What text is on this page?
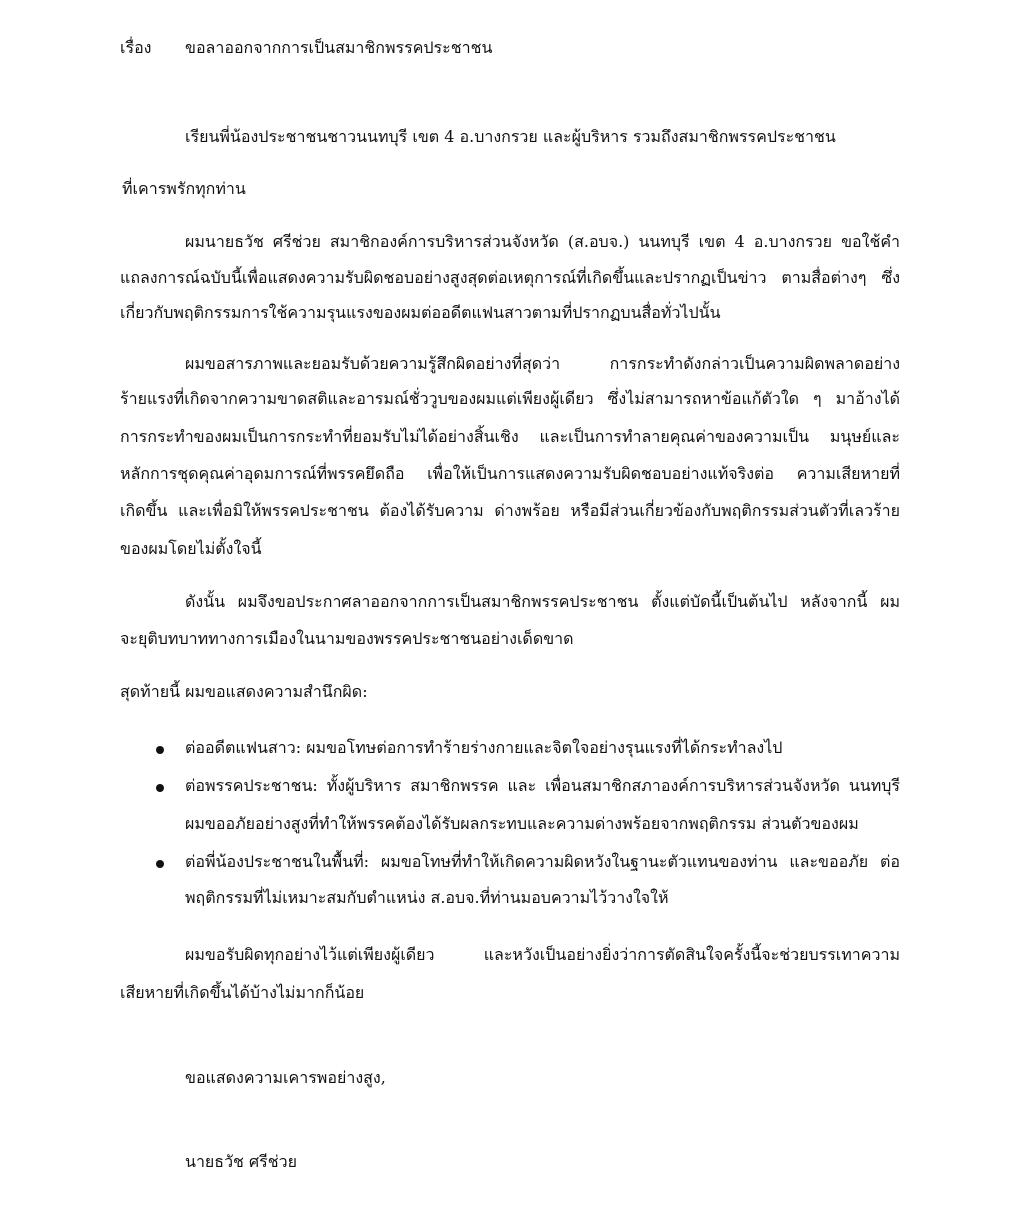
เรื่อง ขอลาออกจากการเป็นสมาชิกพรรคประชาชน
เรียนพี่น้องประชาชนชาวนนทบุรี เขต 4 อ.บางกรวย และผู้บริหาร รวมถึงสมาชิกพรรคประชาชน
ที่เคารพรักทุกท่าน
ผมนายธวัช ศรีช่วย สมาชิกองค์การบริหารส่วนจังหวัด (ส.อบจ.) นนทบุรี เขต 4 อ.บางกรวย ขอใช้คำ
แถลงการณ์ฉบับนี้เพื่อแสดงความรับผิดชอบอย่างสูงสุดต่อเหตุการณ์ที่เกิดขึ้นและปรากฏเป็นข่าว ตามสื่อต่างๆ ซึ่ง
เกี่ยวกับพฤติกรรมการใช้ความรุนแรงของผมต่ออดีตแฟนสาวตามที่ปรากฏบนสื่อทั่วไปนั้น
ผมขอสารภาพและยอมรับด้วยความรู้สึกผิดอย่างที่สุดว่า การกระทำดังกล่าวเป็นความผิดพลาดอย่าง
ร้ายแรงที่เกิดจากความขาดสติและอารมณ์ชั่ววูบของผมแต่เพียงผู้เดียว ซึ่งไม่สามารถหาข้อแก้ตัวใด ๆ มาอ้างได้
การกระทำของผมเป็นการกระทำที่ยอมรับไม่ได้อย่างสิ้นเชิง และเป็นการทำลายคุณค่าของความเป็น มนุษย์และ
หลักการชุดคุณค่าอุดมการณ์ที่พรรคยึดถือ เพื่อให้เป็นการแสดงความรับผิดชอบอย่างแท้จริงต่อ ความเสียหายที่
เกิดขึ้น และเพื่อมิให้พรรคประชาชน ต้องได้รับความ ด่างพร้อย หรือมีส่วนเกี่ยวข้องกับพฤติกรรมส่วนตัวที่เลวร้าย
ของผมโดยไม่ตั้งใจนี้
ดังนั้น ผมจึงขอประกาศลาออกจากการเป็นสมาชิกพรรคประชาชน ตั้งแต่บัดนี้เป็นต้นไป หลังจากนี้ ผม
จะยุติบทบาททางการเมืองในนามของพรรคประชาชนอย่างเด็ดขาด
สุดท้ายนี้ ผมขอแสดงความสำนึกผิด:
ต่ออดีตแฟนสาว: ผมขอโทษต่อการทำร้ายร่างกายและจิตใจอย่างรุนแรงที่ได้กระทำลงไป
ต่อพรรคประชาชน: ทั้งผู้บริหาร สมาชิกพรรค และ เพื่อนสมาชิกสภาองค์การบริหารส่วนจังหวัด นนทบุรี
ผมขออภัยอย่างสูงที่ทำให้พรรคต้องได้รับผลกระทบและความด่างพร้อยจากพฤติกรรม ส่วนตัวของผม
ต่อพี่น้องประชาชนในพื้นที่: ผมขอโทษที่ทำให้เกิดความผิดหวังในฐานะตัวแทนของท่าน และขออภัย ต่อ
พฤติกรรมที่ไม่เหมาะสมกับตำแหน่ง ส.อบจ.ที่ท่านมอบความไว้วางใจให้
ผมขอรับผิดทุกอย่างไว้แต่เพียงผู้เดียว และหวังเป็นอย่างยิ่งว่าการตัดสินใจครั้งนี้จะช่วยบรรเทาความ
เสียหายที่เกิดขึ้นได้บ้างไม่มากก็น้อย
ขอแสดงความเคารพอย่างสูง,
นายธวัช ศรีช่วย
